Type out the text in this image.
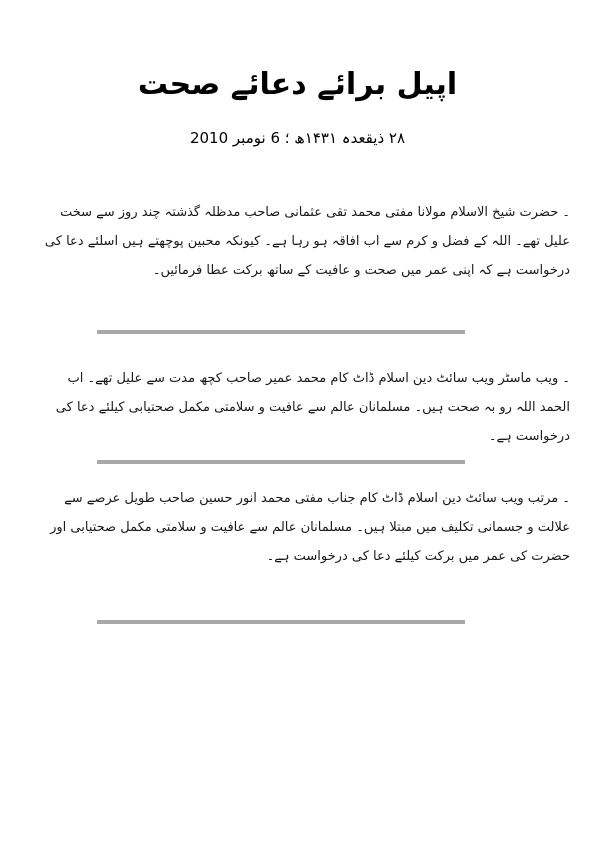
اپیل برائے دعائے صحت
۲۸ ذیقعدہ ۱۴۳۱ھ ؛ 6 نومبر 2010

۔ حضرت شیخ الاسلام مولانا مفتی محمد تقی عثمانی صاحب مدظلہ گذشتہ چند روز سے سخت علیل تھے۔ اللہ کے فضل و کرم سے اب افاقہ ہو رہا ہے۔ کیونکہ محبین پوچھتے ہیں اسلئے دعا کی درخواست ہے کہ اپنی عمر میں صحت و عافیت کے ساتھ برکت عطا فرمائیں۔

۔ ویب ماسٹر ویب سائٹ دین اسلام ڈاٹ کام محمد عمیر صاحب کچھ مدت سے علیل تھے۔ اب الحمد اللہ رو بہ صحت ہیں۔ مسلمانان عالم سے عافیت و سلامتی مکمل صحتیابی کیلئے دعا کی درخواست ہے۔

۔ مرتب ویب سائٹ دین اسلام ڈاٹ کام جناب مفتی محمد انور حسین صاحب طویل عرصے سے علالت و جسمانی تکلیف میں مبتلا ہیں۔ مسلمانان عالم سے عافیت و سلامتی مکمل صحتیابی اور حضرت کی عمر میں برکت کیلئے دعا کی درخواست ہے۔
